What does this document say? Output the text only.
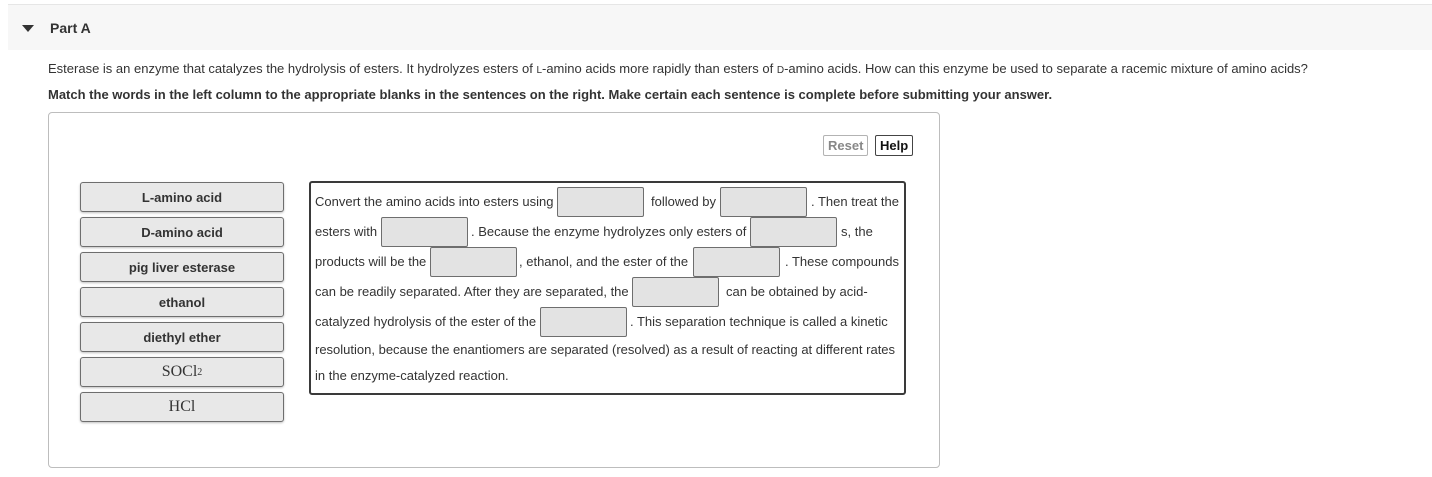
Part A
Esterase is an enzyme that catalyzes the hydrolysis of esters. It hydrolyzes esters of L-amino acids more rapidly than esters of D-amino acids. How can this enzyme be used to separate a racemic mixture of amino acids?
Match the words in the left column to the appropriate blanks in the sentences on the right. Make certain each sentence is complete before submitting your answer.
Reset	Help
L-amino acid
D-amino acid
pig liver esterase
ethanol
diethyl ether
SOCl 2
HCl
Convert the amino acids into esters using	followed by	. Then treat the
esters with	. Because the enzyme hydrolyzes only esters of	s, the
products will be the	, ethanol, and the ester of the	. These compounds
can be readily separated. After they are separated, the	can be obtained by acid-
catalyzed hydrolysis of the ester of the	. This separation technique is called a kinetic
resolution, because the enantiomers are separated (resolved) as a result of reacting at different rates
in the enzyme-catalyzed reaction.
